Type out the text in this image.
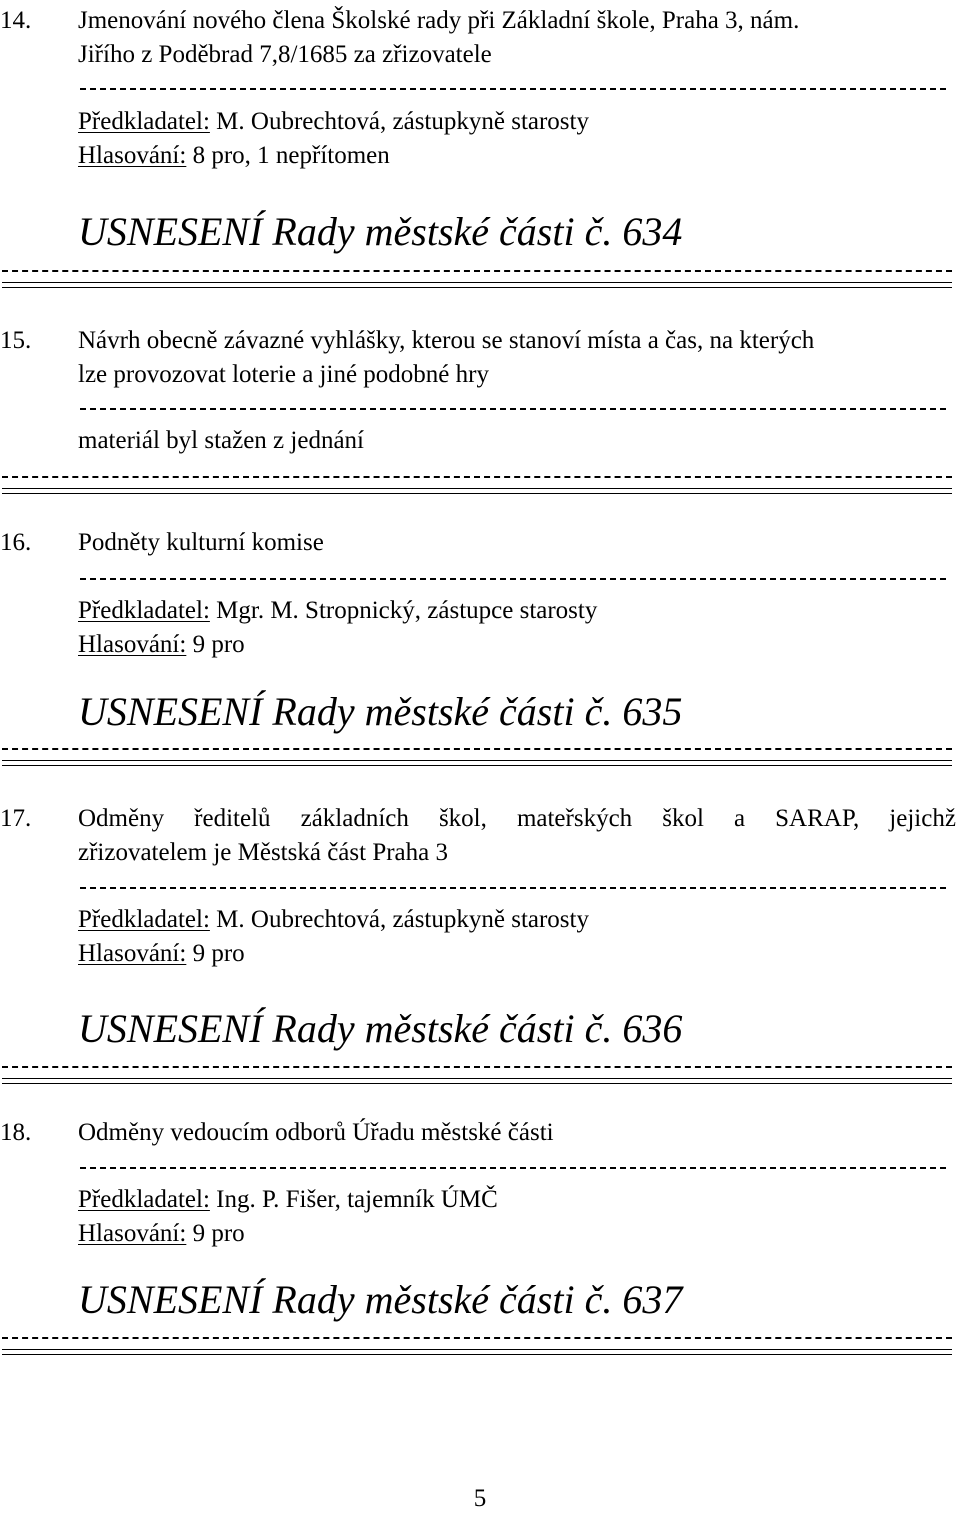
14. Jmenování nového člena Školské rady při Základní škole, Praha 3, nám.
Jiřího z Poděbrad 7,8/1685 za zřizovatele
Předkladatel: M. Oubrechtová, zástupkyně starosty
Hlasování: 8 pro, 1 nepřítomen
USNESENÍ Rady městské části č. 634
15. Návrh obecně závazné vyhlášky, kterou se stanoví místa a čas, na kterých
lze provozovat loterie a jiné podobné hry
materiál byl stažen z jednání
16. Podněty kulturní komise
Předkladatel: Mgr. M. Stropnický, zástupce starosty
Hlasování: 9 pro
USNESENÍ Rady městské části č. 635
17. Odměny ředitelů základních škol, mateřských škol a SARAP, jejichž
zřizovatelem je Městská část Praha 3
Předkladatel: M. Oubrechtová, zástupkyně starosty
Hlasování: 9 pro
USNESENÍ Rady městské části č. 636
18. Odměny vedoucím odborů Úřadu městské části
Předkladatel: Ing. P. Fišer, tajemník ÚMČ
Hlasování: 9 pro
USNESENÍ Rady městské části č. 637
5
